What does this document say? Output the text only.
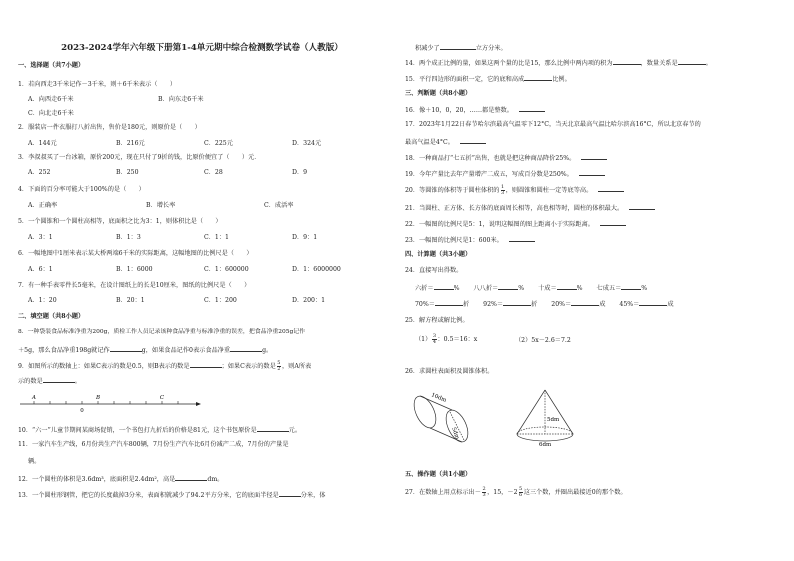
2023-2024学年六年级下册第1-4单元期中综合检测数学试卷（人教版）
一、选择题（共7小题）
1．若向西走3千米记作－3千米，则＋6千米表示（　　）
A．向西走6千米	B．向东走6千米
C．向北走6千米
2．服装店一件衣服打八折出售，售价是180元，则原价是（　　）
A．144元	B．216元	C．225元	D．324元
3．李叔叔买了一台冰箱，原价200元，现在只付了9折的钱，比原价便宜了（　　）元．
A．252	B．250	C．28	D．9
4．下面的百分率可能大于100%的是（　　）
A．正确率	B．增长率	C．成活率
5．一个圆锥和一个圆柱高相等，底面积之比为3：1，则体积比是（　　）
A．3：1	B．1：3	C．1：1	D．9：1
6．一幅地图中1厘米表示某大桥两端6千米的实际距离，这幅地图的比例尺是（　　）
A．6：1	B．1：6000	C．1：600000	D．1：6000000
7．有一种手表零件长5毫米，在设计图纸上的长是10厘米，图纸的比例尺是（　　）
A．1：20	B．20：1	C．1：200	D．200：1
二、填空题（共8小题）
8．一种袋装食品标准净重为200g，质检工作人员记录该种食品净重与标准净重的误差，把食品净重205g记作
＋5g，那么食品净重198g就记作	g，如果食品记作0表示食品净重	g。
9．如图所示的数轴上：如果C表示的数是0.5，则B表示的数是	；如果C表示的数是 $\frac{5}{2}$ ，则A所表
示的数是	。
A	B	C
0
10．“六一”儿童节期间某商场促销，一个书包打九折后的价格是81元，这个书包原价是	元。
11．一家汽车生产线，6月份共生产汽车800辆，7月份生产汽车比6月份减产二成，7月份的产量是
辆。
12．一个圆柱的体积是3.6dm³，底面积是2.4dm²，高是	dm。
13．一个圆柱形钢管，把它的长度截掉3分米，表面积就减少了94.2平方分米，它的底面半径是	分米，体
积减少了	立方分米。
14．两个成正比例的量，如果这两个量的比是15，那么比例中两内项的积为	，数量关系是	。
15．平行四边形的面积一定，它的底和高成	比例。
三、判断题（共8小题）
16．像＋10，0，20，……都是整数。
17．2023年1月22日春节哈尔滨最高气温零下12°C，当天北京最高气温比哈尔滨高16°C，所以北京春节的
最高气温是4°C。
18．一种商品打“七五折”出售，也就是把这种商品降价25%。
19．今年产量比去年产量增产二成五，写成百分数是250%。
20．等圆锥的体积等于圆柱体积的 $\frac{1}{3}$ ，则圆锥和圆柱一定等底等高。
21．当圆柱、正方体、长方体的底面周长相等，高也相等时，圆柱的体积最大。
22．一幅图的比例尺是5：1，说明这幅图的图上距离小于实际距离。
23．一幅图的比例尺是1：600米。
四、计算题（共3小题）
24．直接写出得数。
六折＝	% 八八折＝	% 十成＝	% 七成五＝	%
70%＝	折 92%＝	折 20%＝	成 45%＝	成
25．解方程或解比例。
$(1) \frac{3}{4}$ ：0.5＝16：x	（2）5x－2.6＝7.2
26．求圆柱表面积及圆锥体积。
10dm
5dm
5dm
6dm
五、操作题（共1小题）
27．在数轴上用点标示出－ $\frac{2}{3}$ ，15，$-2 \frac{5}{6}$ 这三个数，并圈出最接近0的那个数。
